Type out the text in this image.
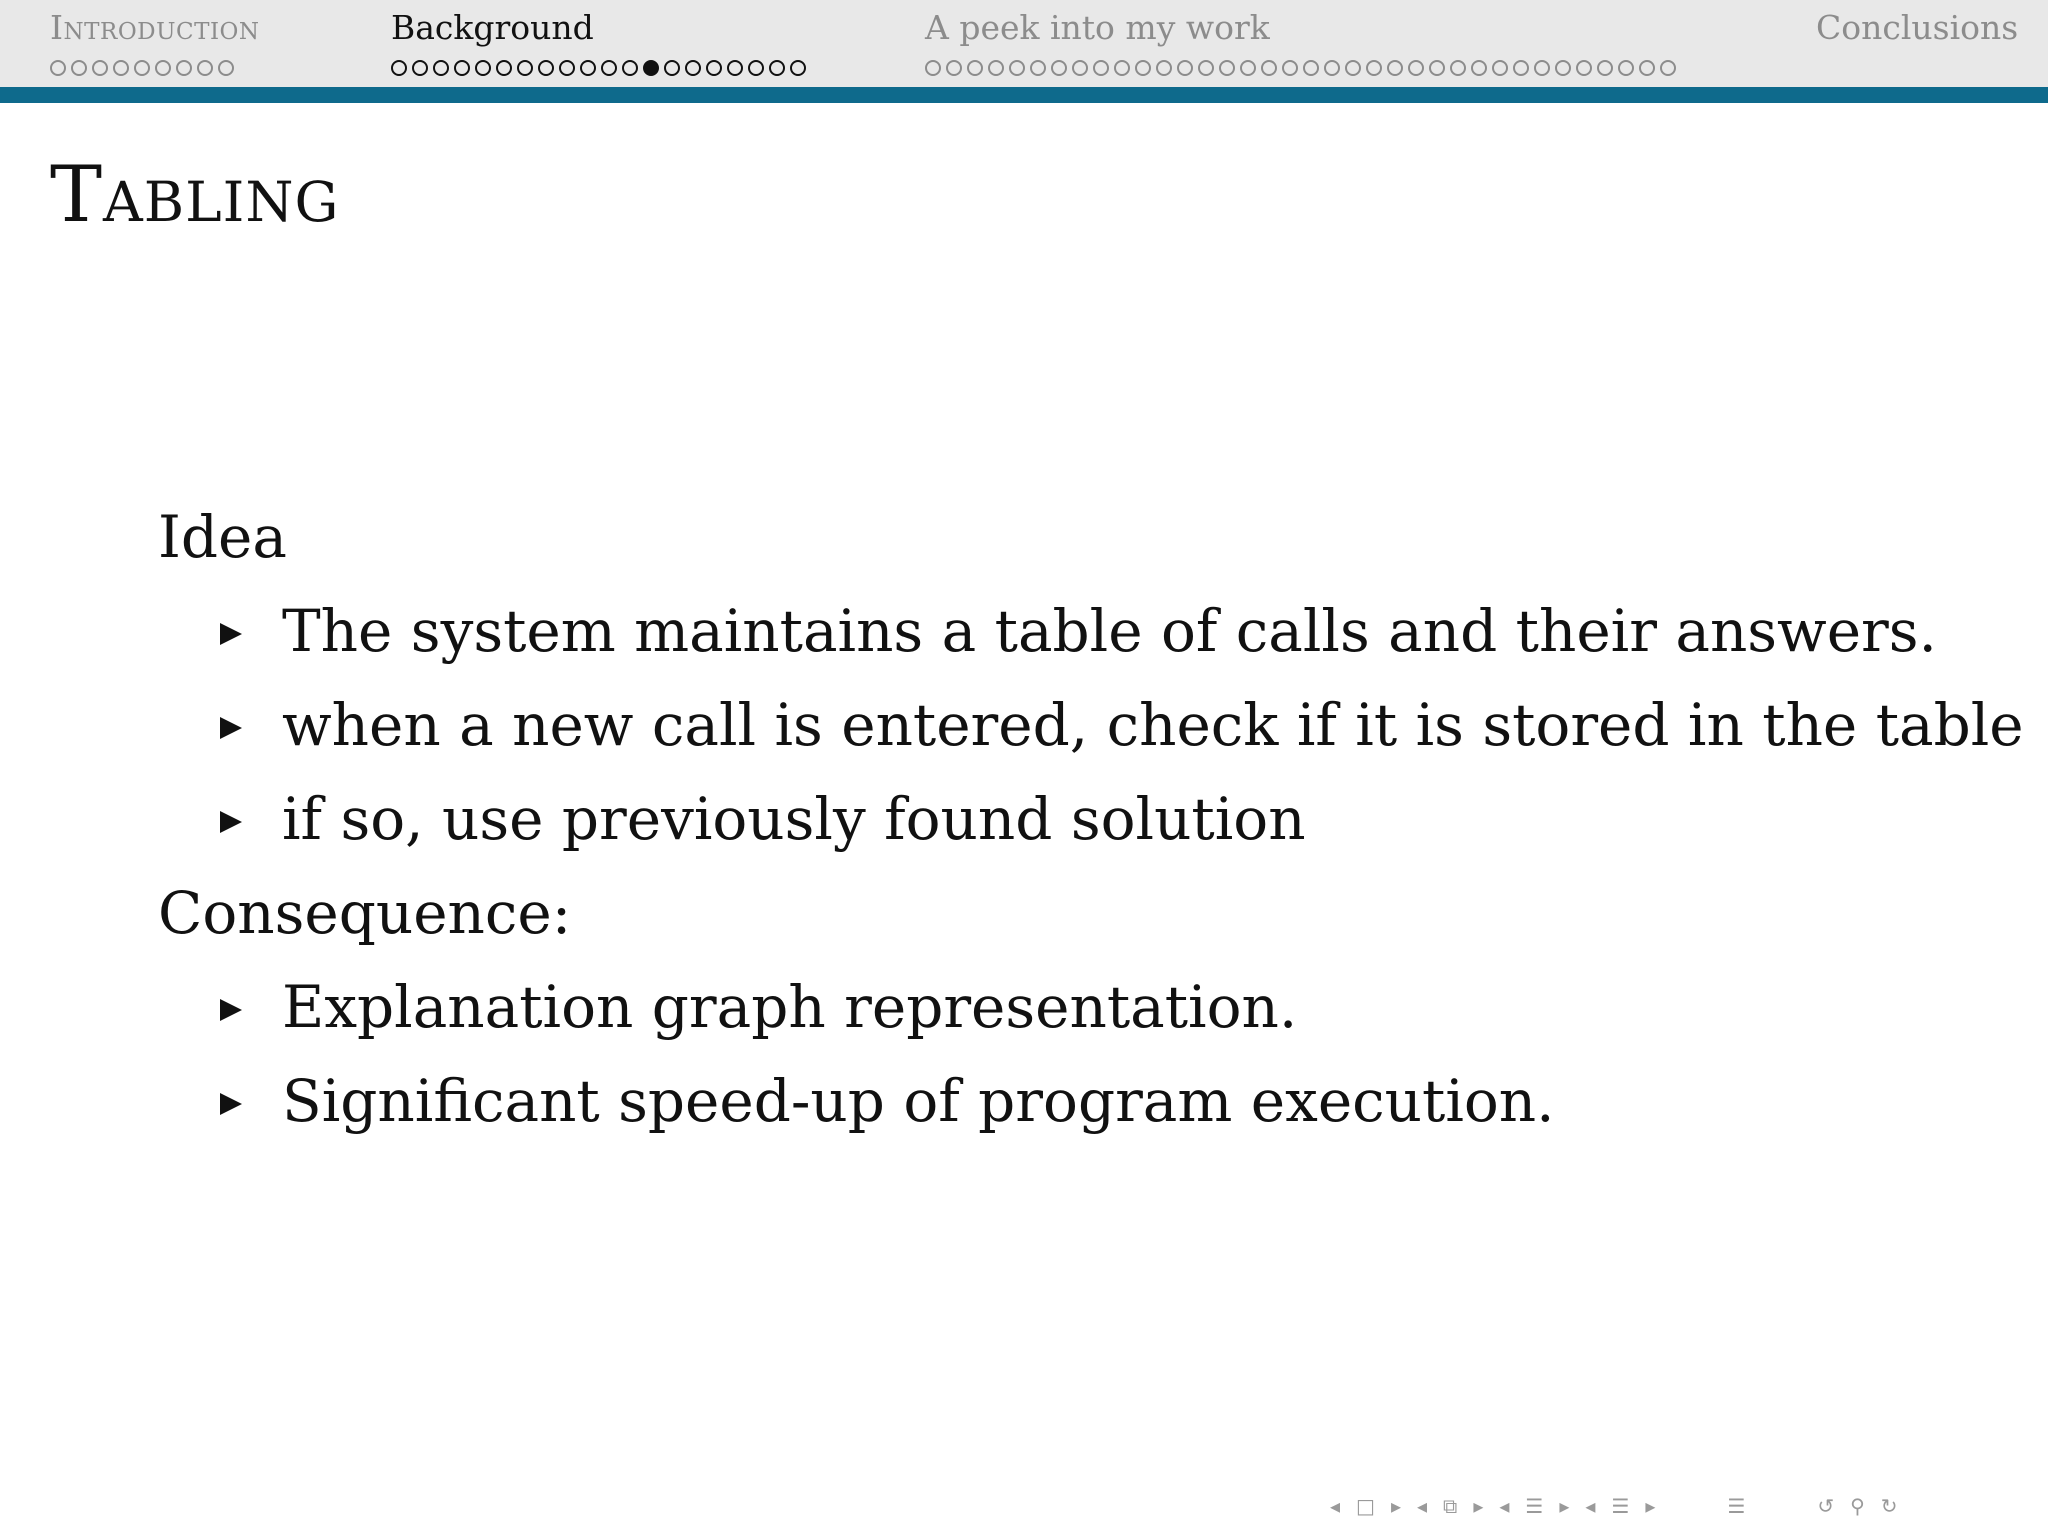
Introduction	Background	A peek into my work	Conclusions
Tabling
Idea
The system maintains a table of calls and their answers.
when a new call is entered, check if it is stored in the table
if so, use previously found solution
Consequence:
Explanation graph representation.
Significant speed-up of program execution.
◂ □ ▸ ◂ ⧉ ▸ ◂ ☰ ▸ ◂ ☰ ▸	☰	↺ ⚲ ↻
